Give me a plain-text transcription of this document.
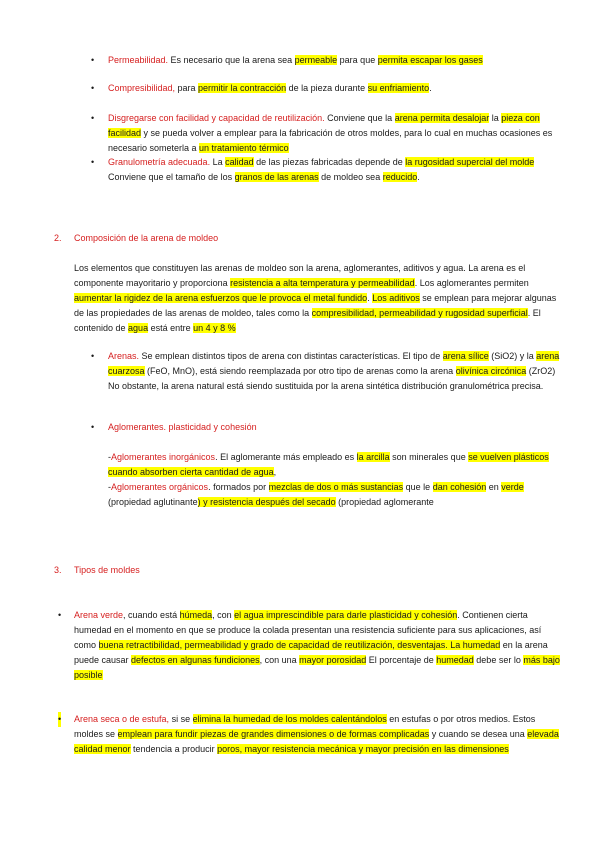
• Permeabilidad. Es necesario que la arena sea permeable para que permita escapar los gases

• Compresibilidad, para permitir la contracción de la pieza durante su enfriamiento.

• Disgregarse con facilidad y capacidad de reutilización. Conviene que la arena permita desalojar la pieza con facilidad y se pueda volver a emplear para la fabricación de otros moldes, para lo cual en muchas ocasiones es necesario someterla a un tratamiento térmico

• Granulometría adecuada. La calidad de las piezas fabricadas depende de la rugosidad supercial del molde Conviene que el tamaño de los granos de las arenas de moldeo sea reducido.

2. Composición de la arena de moldeo

Los elementos que constituyen las arenas de moldeo son la arena, aglomerantes, aditivos y agua. La arena es el componente mayoritario y proporciona resistencia a alta temperatura y permeabilidad. Los aglomerantes permiten aumentar la rigidez de la arena esfuerzos que le provoca el metal fundido. Los aditivos se emplean para mejorar algunas de las propiedades de las arenas de moldeo, tales como la compresibilidad, permeabilidad y rugosidad superficial. El contenido de agua está entre un 4 y 8 %

• Arenas. Se emplean distintos tipos de arena con distintas características. El tipo de arena sílice (SiO2) y la arena cuarzosa (FeO, MnO), está siendo reemplazada por otro tipo de arenas como la arena olivínica circónica (ZrO2) No obstante, la arena natural está siendo sustituida por la arena sintética distribución granulométrica precisa.

• Aglomerantes. plasticidad y cohesión

-Aglomerantes inorgánicos. El aglomerante más empleado es la arcilla son minerales que se vuelven plásticos cuando absorben cierta cantidad de agua,

-Aglomerantes orgánicos. formados por mezclas de dos o más sustancias que le dan cohesión en verde (propiedad aglutinante) y resistencia después del secado (propiedad aglomerante

3. Tipos de moldes
• Arena verde, cuando está húmeda, con el agua imprescindible para darle plasticidad y cohesión. Contienen cierta humedad en el momento en que se produce la colada presentan una resistencia suficiente para sus aplicaciones, así como buena retractibilidad, permeabilidad y grado de capacidad de reutilización, desventajas. La humedad en la arena puede causar defectos en algunas fundiciones, con una mayor porosidad El porcentaje de humedad debe ser lo más bajo posible

• Arena seca o de estufa, si se elimina la humedad de los moldes calentándolos en estufas o por otros medios. Estos moldes se emplean para fundir piezas de grandes dimensiones o de formas complicadas y cuando se desea una elevada calidad menor tendencia a producir poros, mayor resistencia mecánica y mayor precisión en las dimensiones
